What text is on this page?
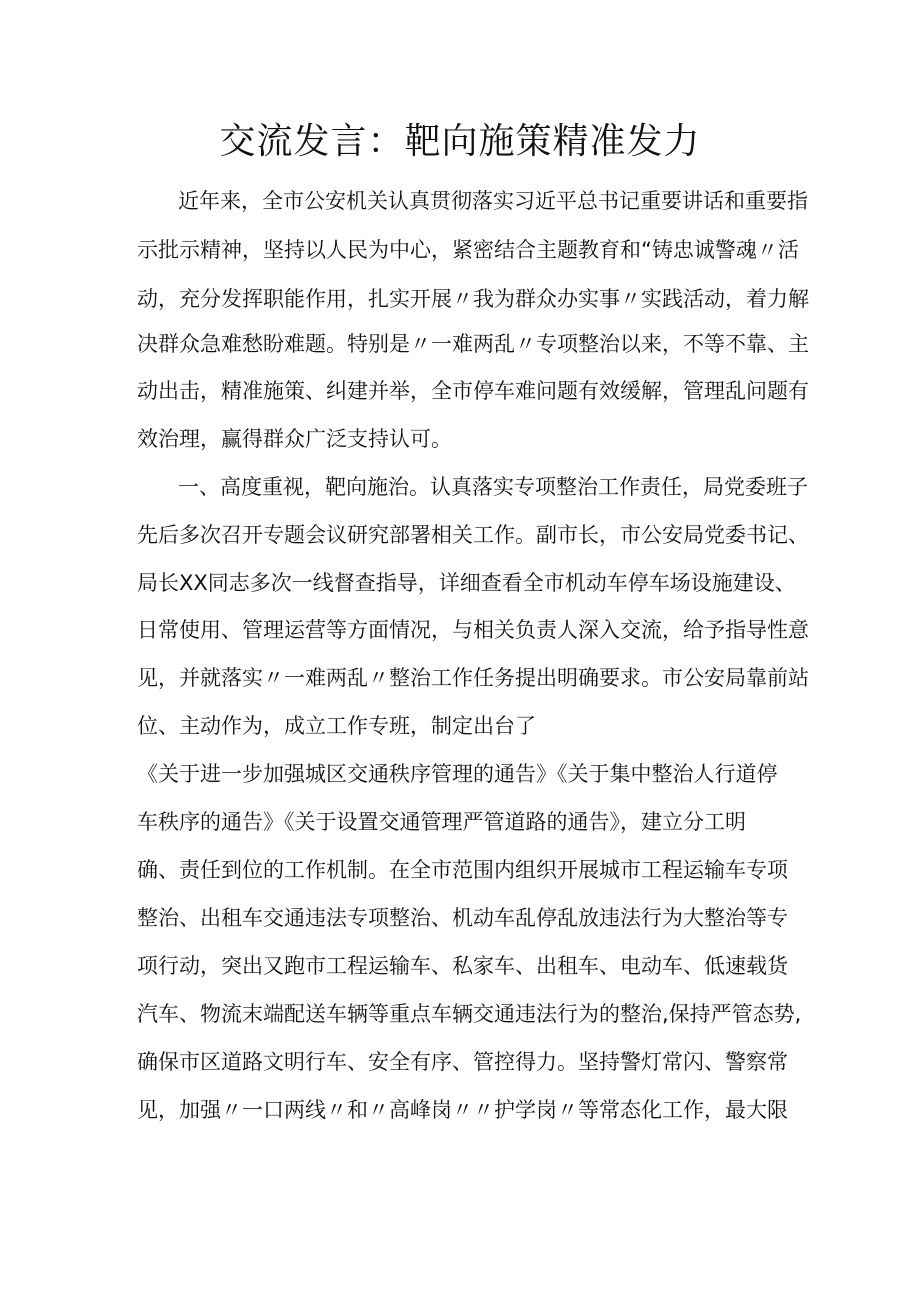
交流发言：靶向施策精准发力
近年来，全市公安机关认真贯彻落实习近平总书记重要讲话和重要指
示批示精神，坚持以人民为中心，紧密结合主题教育和“铸忠诚警魂〃活
动，充分发挥职能作用，扎实开展〃我为群众办实事〃实践活动，着力解
决群众急难愁盼难题。特别是〃一难两乱〃专项整治以来，不等不靠、主
动出击，精准施策、纠建并举，全市停车难问题有效缓解，管理乱问题有
效治理，赢得群众广泛支持认可。
一、高度重视，靶向施治。认真落实专项整治工作责任，局党委班子
先后多次召开专题会议研究部署相关工作。副市长，市公安局党委书记、
局长XX同志多次一线督查指导，详细查看全市机动车停车场设施建设、
日常使用、管理运营等方面情况，与相关负责人深入交流，给予指导性意
见，并就落实〃一难两乱〃整治工作任务提出明确要求。市公安局靠前站
位、主动作为，成立工作专班，制定出台了
《关于进一步加强城区交通秩序管理的通告》《关于集中整治人行道停
车秩序的通告》《关于设置交通管理严管道路的通告》，建立分工明
确、责任到位的工作机制。在全市范围内组织开展城市工程运输车专项
整治、出租车交通违法专项整治、机动车乱停乱放违法行为大整治等专
项行动，突出又跑市工程运输车、私家车、出租车、电动车、低速载货
汽车、物流末端配送车辆等重点车辆交通违法行为的整治,保持严管态势,
确保市区道路文明行车、安全有序、管控得力。坚持警灯常闪、警察常
见，加强〃一口两线〃和〃高峰岗〃〃护学岗〃等常态化工作，最大限
